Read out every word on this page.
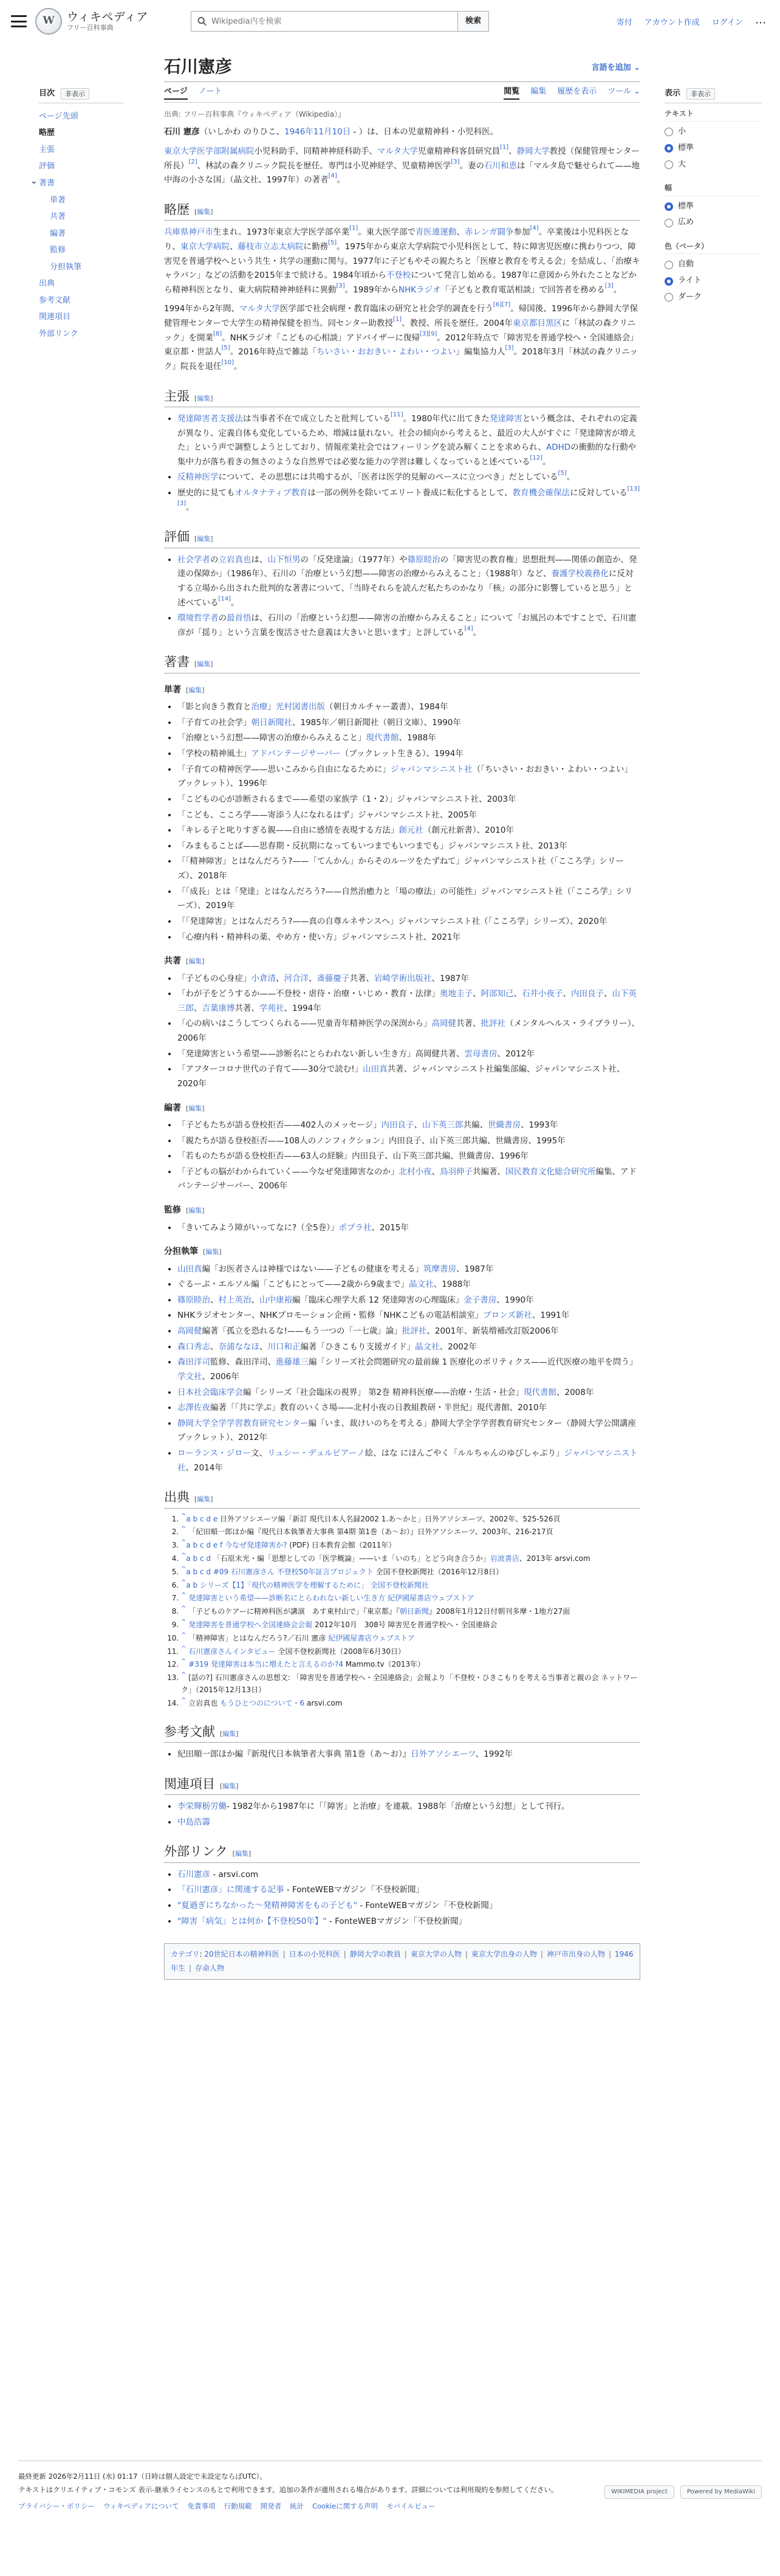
W	ウィキペディア
フリー百科事典
Wikipedia内を検索
検索	寄付 アカウント作成 ログイン ⋯
目次	非表示
ページ先頭
略歴
主張
評価
⌄ 著書
単著
共著
編著
監修
分担執筆
出典
参考文献
関連項目
外部リンク
石川憲彦	言語を追加 ⌄
ページ ノート	閲覧 編集 履歴を表示 ツール ⌄
出典: フリー百科事典『ウィキペディア（Wikipedia）』

石川 憲彦（いしかわ のりひこ、1946年11月10日 - ）は、日本の児童精神科・小児科医。

東京大学医学部附属病院小児科助手、同精神神経科助手、マルタ大学児童精神科客員研究員[1]、静岡大学教授（保健管理センター所長）[2]、林試の森クリニック院長を歴任。専門は小児神経学、児童精神医学[3]。妻の石川和恵は「マルタ島で魅せられて——地中海の小さな国」（晶文社、1997年）の著者[4]。

略歴 [編集]

兵庫県神戸市生まれ。1973年東京大学医学部卒業[1]。東大医学部で青医連運動、赤レンガ闘争参加[4]。卒業後は小児科医となり、東京大学病院、藤枝市立志太病院に勤務[5]。1975年から東京大学病院で小児科医として、特に障害児医療に携わりつつ、障害児を普通学校へという共生・共学の運動に関与。1977年に子どもやその親たちと「医療と教育を考える会」を結成し、「治療キャラバン」などの活動を2015年まで続ける。1984年頃から不登校について発言し始める。1987年に意図から外れたことなどから精神科医となり、東大病院精神神経科に異動[3]。1989年からNHKラジオ「子どもと教育電話相談」で回答者を務める[3]。

1994年から2年間、マルタ大学医学部で社会病理・教育臨床の研究と社会学的調査を行う[6][7]。帰国後、1996年から静岡大学保健管理センターで大学生の精神保健を担当。同センター助教授[1]、教授、所長を歴任。2004年東京都目黒区に「林試の森クリニック」を開業[8]。NHKラジオ「こどもの心相談」アドバイザーに復帰[3][9]。2012年時点で「障害児を普通学校へ・全国連絡会」東京都・世話人[5]。2016年時点で雑誌「ちいさい・おおきい・よわい・つよい」編集協力人[3]。2018年3月「林試の森クリニック」院長を退任[10]。

主張 [編集]
• 発達障害者支援法は当事者不在で成立したと批判している[11]。1980年代に出てきた発達障害という概念は、それぞれの定義が異なり、定義自体も変化しているため、増減は量れない。社会の傾向から考えると、最近の大人がすぐに「発達障害が増えた」という声で調整しようとしており、情報産業社会ではフィーリングを読み解くことを求められ、ADHDの衝動的な行動や集中力が落ち着きの無さのような自然界では必要な能力の学習は難しくなっていると述べている[12]。
• 反精神医学について、その思想には共鳴するが、「医者は医学的見解のペースに立つべき」だとしている[5]。
• 歴史的に見てもオルタナティブ教育は一部の例外を除いてエリート養成に転化するとして、教育機会確保法に反対している[13][3]。
評価 [編集]
• 社会学者の立岩真也は、山下恒男の「反発達論」（1977年）や篠原睦治の「障害児の教育権」思想批判——関係の創造か、発達の保障か」（1986年）、石川の「治療という幻想——障害の治療からみえること」（1988年）など、養護学校義務化に反対する立場から出された批判的な著書について、「当時それらを読んだ私たちのかなり「核」の部分に影響していると思う」と述べている[14]。
• 環境哲学者の最首悟は、石川の「治療という幻想——障害の治療からみえること」について「お風呂の本ですことで、石川憲彦が「揺り」という言葉を復活させた意義は大きいと思います」と評している[4]。
著書 [編集]
単著 [編集]
• 「影と向きう教育と治療」光村図書出版（朝日カルチャー叢書）、1984年
• 「子育ての社会学」朝日新聞社、1985年／朝日新聞社（朝日文庫）、1990年
• 「治療という幻想——障害の治療からみえること」現代書館、1988年
• 「学校の精神風土」アドバンテージサーバー（ブックレット生きる）、1994年
• 「子育ての精神医学——思いこみから自由になるために」ジャパンマシニスト社（「ちいさい・おおきい・よわい・つよい」ブックレット）、1996年
• 「こどもの心が診断されるまで——希望の家族学（1・2）」ジャパンマシニスト社、2003年
• 「こども、こころ学——寄添う人になれるはず」ジャパンマシニスト社、2005年
• 「キレる子と叱りすぎる親——自由に感情を表現する方法」創元社（創元社新書）、2010年
• 「みまもることば——思春期・反抗期になってもいつまでもいつまでも」ジャパンマシニスト社、2013年
• 「「精神障害」とはなんだろう?——「てんかん」からそのルーツをたずねて」ジャパンマシニスト社（「こころ学」シリーズ）、2018年
• 「「成長」とは「発達」とはなんだろう?——自然治癒力と「場の療法」の可能性」ジャパンマシニスト社（「こころ学」シリーズ）、2019年
• 「「発達障害」とはなんだろう?——真の自尊ルネサンスへ」ジャパンマシニスト社（「こころ学」シリーズ）、2020年
• 「心療内科・精神科の薬、やめ方・使い方」ジャパンマシニスト社、2021年
共著 [編集]
• 「子どもの心身症」小倉清、河合洋、斎藤慶子共著、岩崎学術出版社、1987年
• 「わが子をどうするか——不登校・虐待・治療・いじめ・教育・法律」奥地圭子、阿部知己、石井小夜子、内田良子、山下英三郎、吉葉康博共著、学苑社、1994年
• 「心の病いはこうしてつくられる——児童青年精神医学の深渕から」高岡健共著、批評社（メンタルヘルス・ライブラリー）、2006年
• 「発達障害という希望——診断名にとらわれない新しい生き方」高岡健共著、雲母書房、2012年
• 「アフターコロナ世代の子育て——30分で読む!」山田真共著、ジャパンマシニスト社編集部編、ジャパンマシニスト社、2020年
編著 [編集]
• 「子どもたちが語る登校拒否——402人のメッセージ」内田良子、山下英三郎共編、世織書房、1993年
• 「親たちが語る登校拒否——108人のノンフィクション」内田良子、山下英三郎共編、世織書房、1995年
• 「若ものたちが語る登校拒否——63人の経験」内田良子、山下英三郎共編、世織書房、1996年
• 「子どもの脳がわかられていく——今なぜ発達障害なのか」北村小夜、鳥羽伸子共編著、国民教育文化総合研究所編集、アドバンテージサーバー、2006年
監修 [編集]
• 「きいてみよう障がいってなに?（全5巻）」ポプラ社、2015年
分担執筆 [編集]
• 山田真編「お医者さんは神様ではない——子どもの健康を考える」筑摩書房、1987年
• ぐるーぷ・エルソル編「こどもにとって——2歳から9歳まで」晶文社、1988年
• 篠原睦治、村上英治、山中康裕編「臨床心理学大系 12 発達障害の心理臨床」金子書房、1990年
• NHKラジオセンター、NHKプロモーション企画・監修「NHKこどもの電話相談室」ブロンズ新社、1991年
• 高岡健編著「孤立を恐れるな!——もう一つの「一七歳」論」批評社、2001年、新装増補改訂版2006年
• 森口秀志、奈浦ななほ、川口和正編著「ひきこもり支援ガイド」晶文社、2002年
• 森田洋司監修、森田洋司、進藤雄三編「シリーズ社会問題研究の最前線 1 医療化のポリティクス——近代医療の地平を問う」学文社、2006年
• 日本社会臨床学会編「シリーズ「社会臨床の視界」 第2巻 精神科医療——治療・生活・社会」現代書館、2008年
• 志澤佐夜編著「「共に学ぶ」教育のいくさ場——北村小夜の日教組教研・半世紀」現代書館、2010年
• 静岡大学全学学習教育研究センター編「いま、裁けいのちを考える」静岡大学全学学習教育研究センター（静岡大学公開講座ブックレット）、2012年
• ローランス・ジロー文、リュシー・デュルビアーノ絵、はな にほんごやく「ルルちゃんのゆびしゃぶり」ジャパンマシニスト社、2014年
出典 [編集]
1. ^a b c d e 日外アソシエーツ編「新訂 現代日本人名録2002 1.あ〜かと」日外アソシエーツ、2002年、525-526頁
2. ^ 「紀田順一郎ほか編『現代日本執筆者大事典 第4期 第1巻（あ〜お）』日外アソシエーツ、2003年、216-217頁
3. ^a b c d e f 今なぜ発達障害か? (PDF) 日本教育会館（2011年）
4. ^a b c d 「石原末光・編「思想としての「医学概論」——いま「いのち」とどう向き合うか」岩波書店、2013年 arsvi.com
5. ^a b c d #09 石川憲彦さん 不登校50年証言プロジェクト 全国不登校新聞社（2016年12月8日）
6. ^a b シリーズ【1】「現代の精神医学を理解するために」 全国不登校新聞社
7. ^ 発達障害という希望——診断名にとらわれない新しい生き方 紀伊國屋書店ウェブストア
8. ^ 「子どものケアーに精神科医が講演　あす東村山で」『東京都』『朝日新聞』2008年1月12日付朝刊多摩・1地方27面
9. ^ 発達障害を普通学校へ全国連絡会会報 2012年10月　308号 障害児を普通学校へ・全国連絡会
10. ^ 「精神障害」とはなんだろう?／石川 憲彦 紀伊國屋書店ウェブストア
11. ^ 石川憲彦さんインタビュー 全国不登校新聞社（2008年6月30日）
12. ^ #319 発達障害は本当に増えたと言えるのか?4 Mammo.tv（2013年）
13. ^ [話の?] 石川憲彦さんの思想文: 「障害児を普通学校へ・全国連絡会」会報より「不登校・ひきこもりを考える当事者と親の会 ネットワーク」（2015年12月13日）
14. ^ 立岩真也 もうひとつのについて・6 arsvi.com
参考文献 [編集]
• 紀田順一郎ほか編『新現代日本執筆者大事典 第1巻（あ〜お）』日外アソシエーツ、1992年
関連項目 [編集]
• 李栄輝栃労働- 1982年から1987年に「「障害」と治療」を連載。1988年「治療という幻想」として刊行。
• 中島浩籌
外部リンク [編集]
• 石川憲彦 - arsvi.com
• 「石川憲彦」に関連する記事 - FonteWEBマガジン「不登校新聞」
• "夏過ぎにちなかった〜発精神障害をもの子ども" - FonteWEBマガジン「不登校新聞」
• "障害「病気」とは何か【不登校50年】" - FonteWEBマガジン「不登校新聞」
カテゴリ: 20世紀日本の精神科医 | 日本の小児科医 | 静岡大学の教員 | 東京大学の人物 | 東京大学出身の人物 | 神戸市出身の人物 | 1946年生 | 存命人物
表示	非表示
テキスト
小
標準
大
幅
標準
広め
色（ベータ）
自動
ライト
ダーク
最終更新 2026年2月11日 (水) 01:17（日時は個人設定で未設定ならばUTC）。
テキストはクリエイティブ・コモンズ 表示-継承ライセンスのもとで利用できます。追加の条件が適用される場合があります。詳細については利用規約を参照してください。
プライバシー・ポリシー ウィキペディアについて 免責事項 行動規範 開発者 統計 Cookieに関する声明 モバイルビュー
WIKIMEDIA project	Powered by MediaWiki
